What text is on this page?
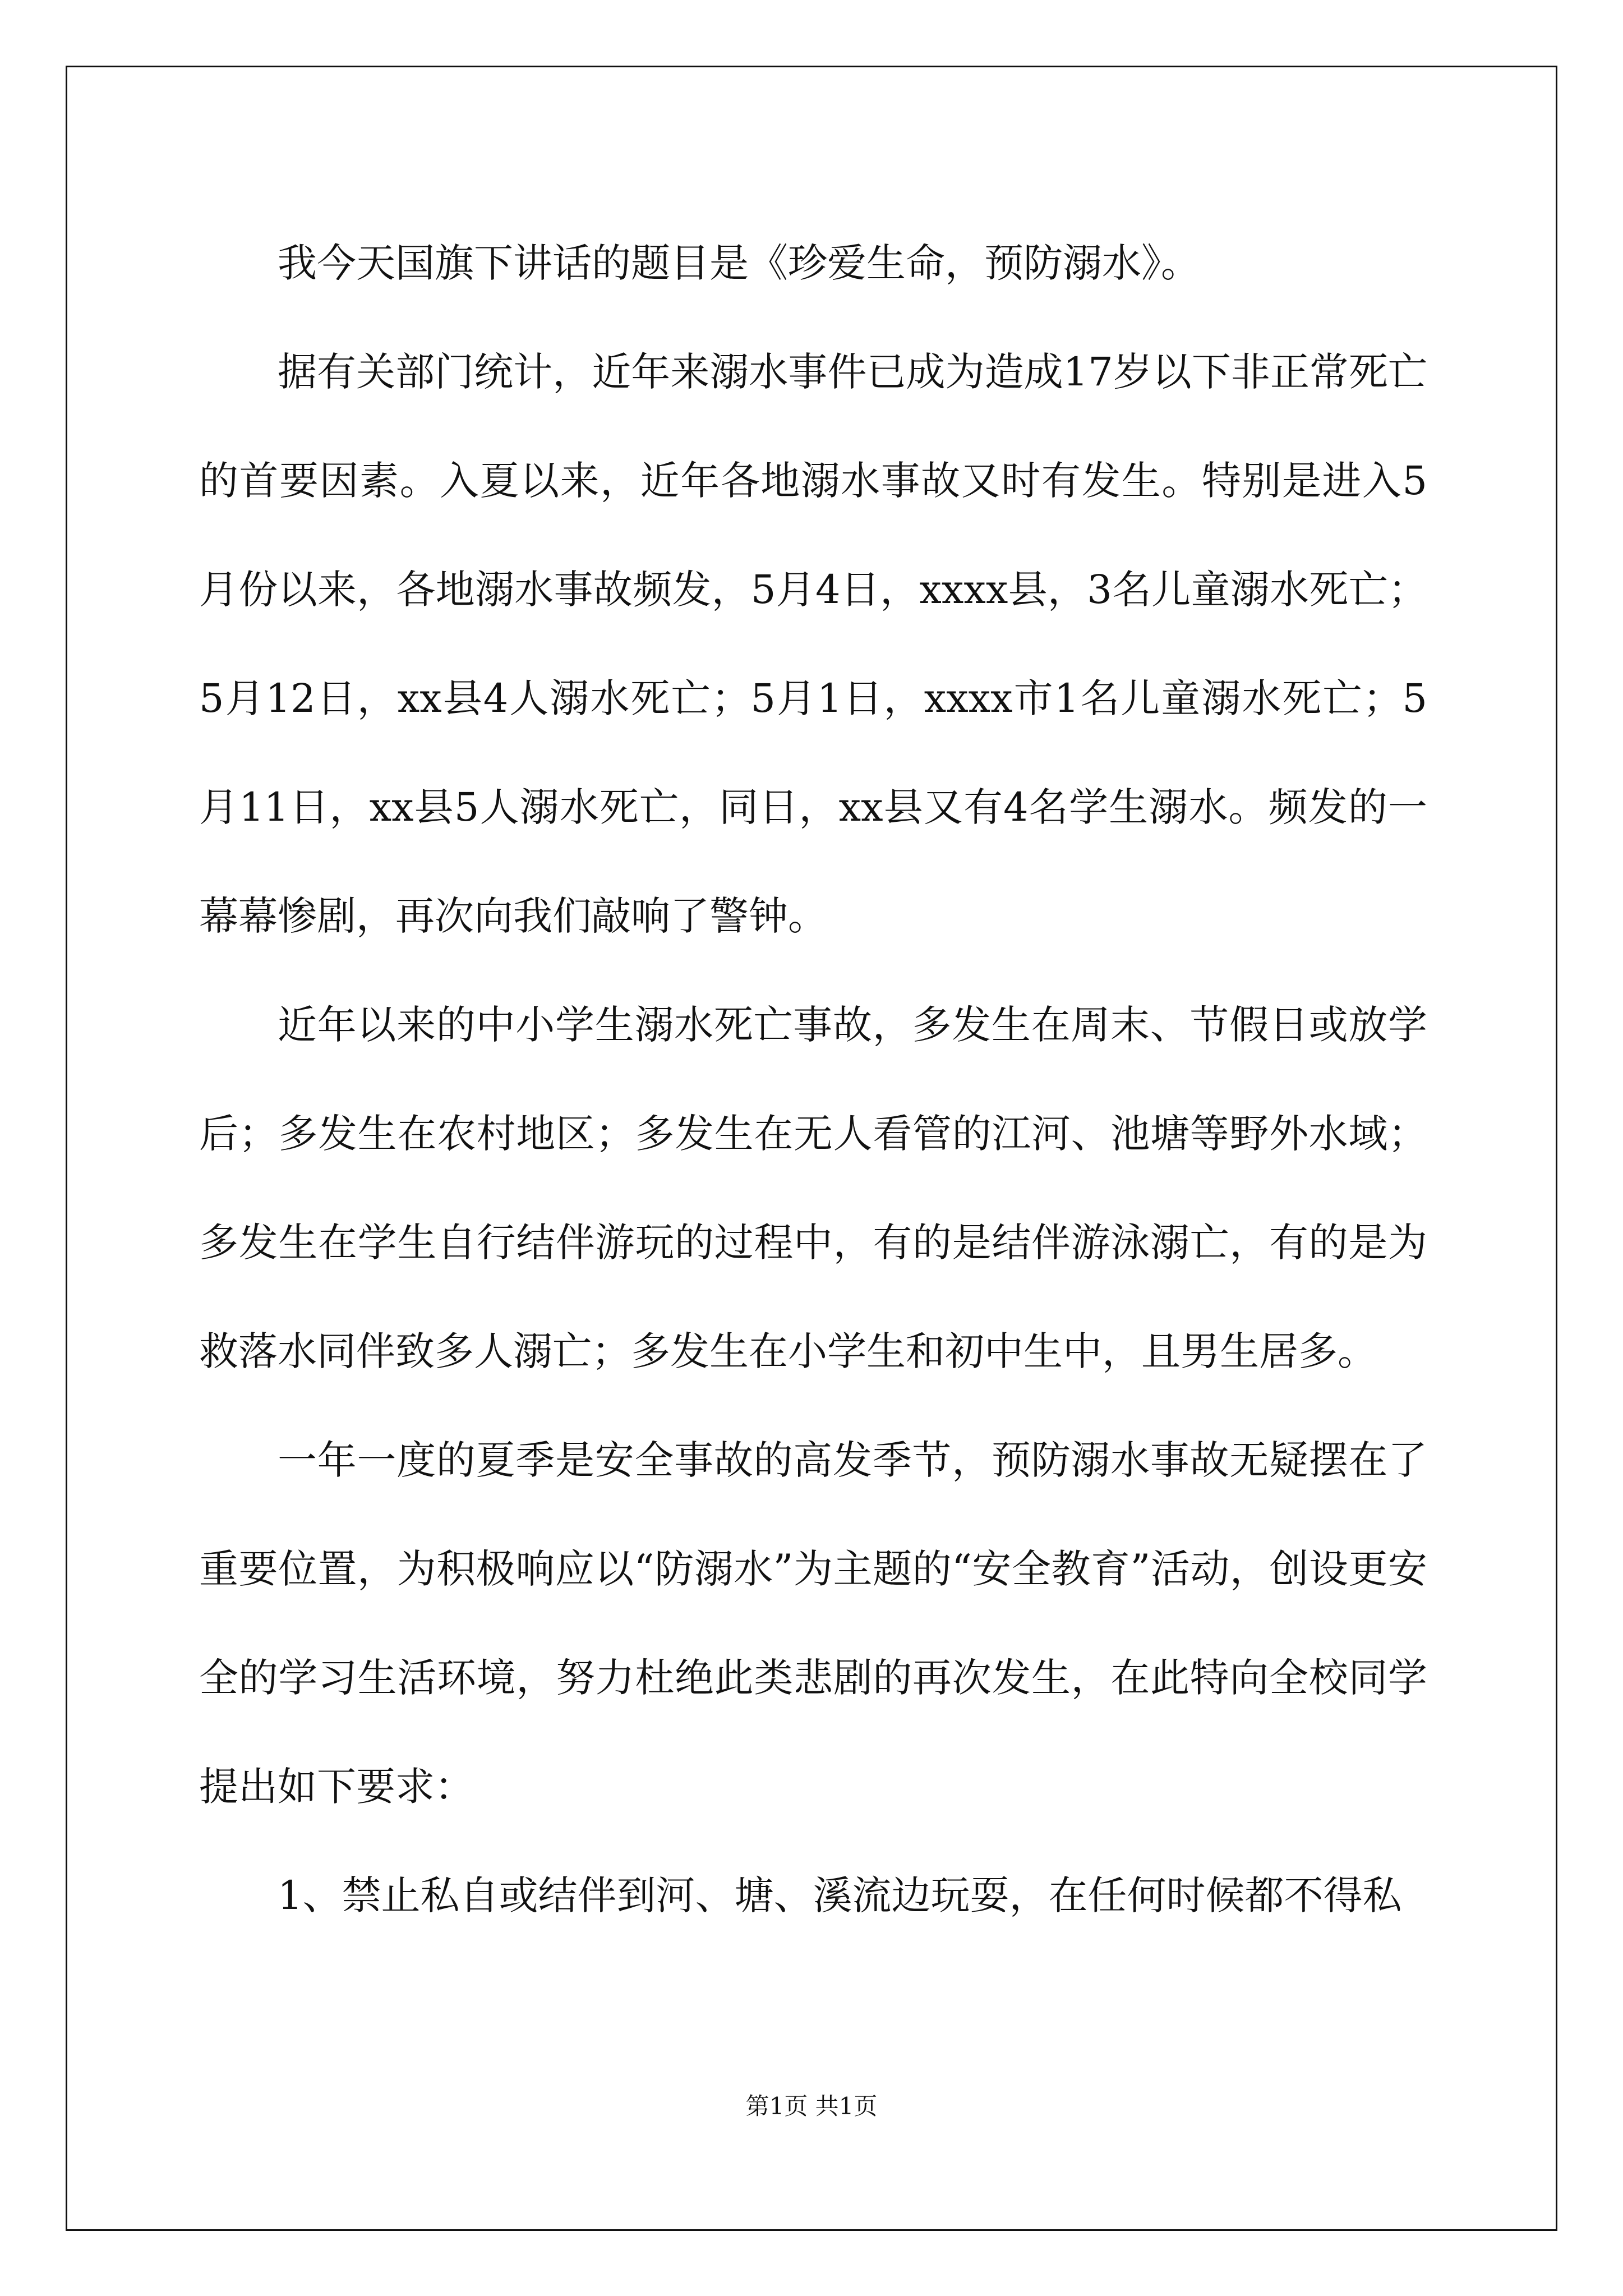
我今天国旗下讲话的题目是《珍爱生命，预防溺水》。

据有关部门统计，近年来溺水事件已成为造成17岁以下非正常死亡的首要因素。入夏以来，近年各地溺水事故又时有发生。特别是进入5月份以来，各地溺水事故频发，5月4日，xxxx县，3名儿童溺水死亡；5月12日，xx县4人溺水死亡；5月1日，xxxx市1名儿童溺水死亡；5月11日，xx县5人溺水死亡，同日，xx县又有4名学生溺水。频发的一幕幕惨剧，再次向我们敲响了警钟。

近年以来的中小学生溺水死亡事故，多发生在周末、节假日或放学后；多发生在农村地区；多发生在无人看管的江河、池塘等野外水域；多发生在学生自行结伴游玩的过程中，有的是结伴游泳溺亡，有的是为救落水同伴致多人溺亡；多发生在小学生和初中生中，且男生居多。

一年一度的夏季是安全事故的高发季节，预防溺水事故无疑摆在了重要位置，为积极响应以“防溺水”为主题的“安全教育”活动，创设更安全的学习生活环境，努力杜绝此类悲剧的再次发生，在此特向全校同学提出如下要求：

1、禁止私自或结伴到河、塘、溪流边玩耍，在任何时候都不得私

第1页 共1页
